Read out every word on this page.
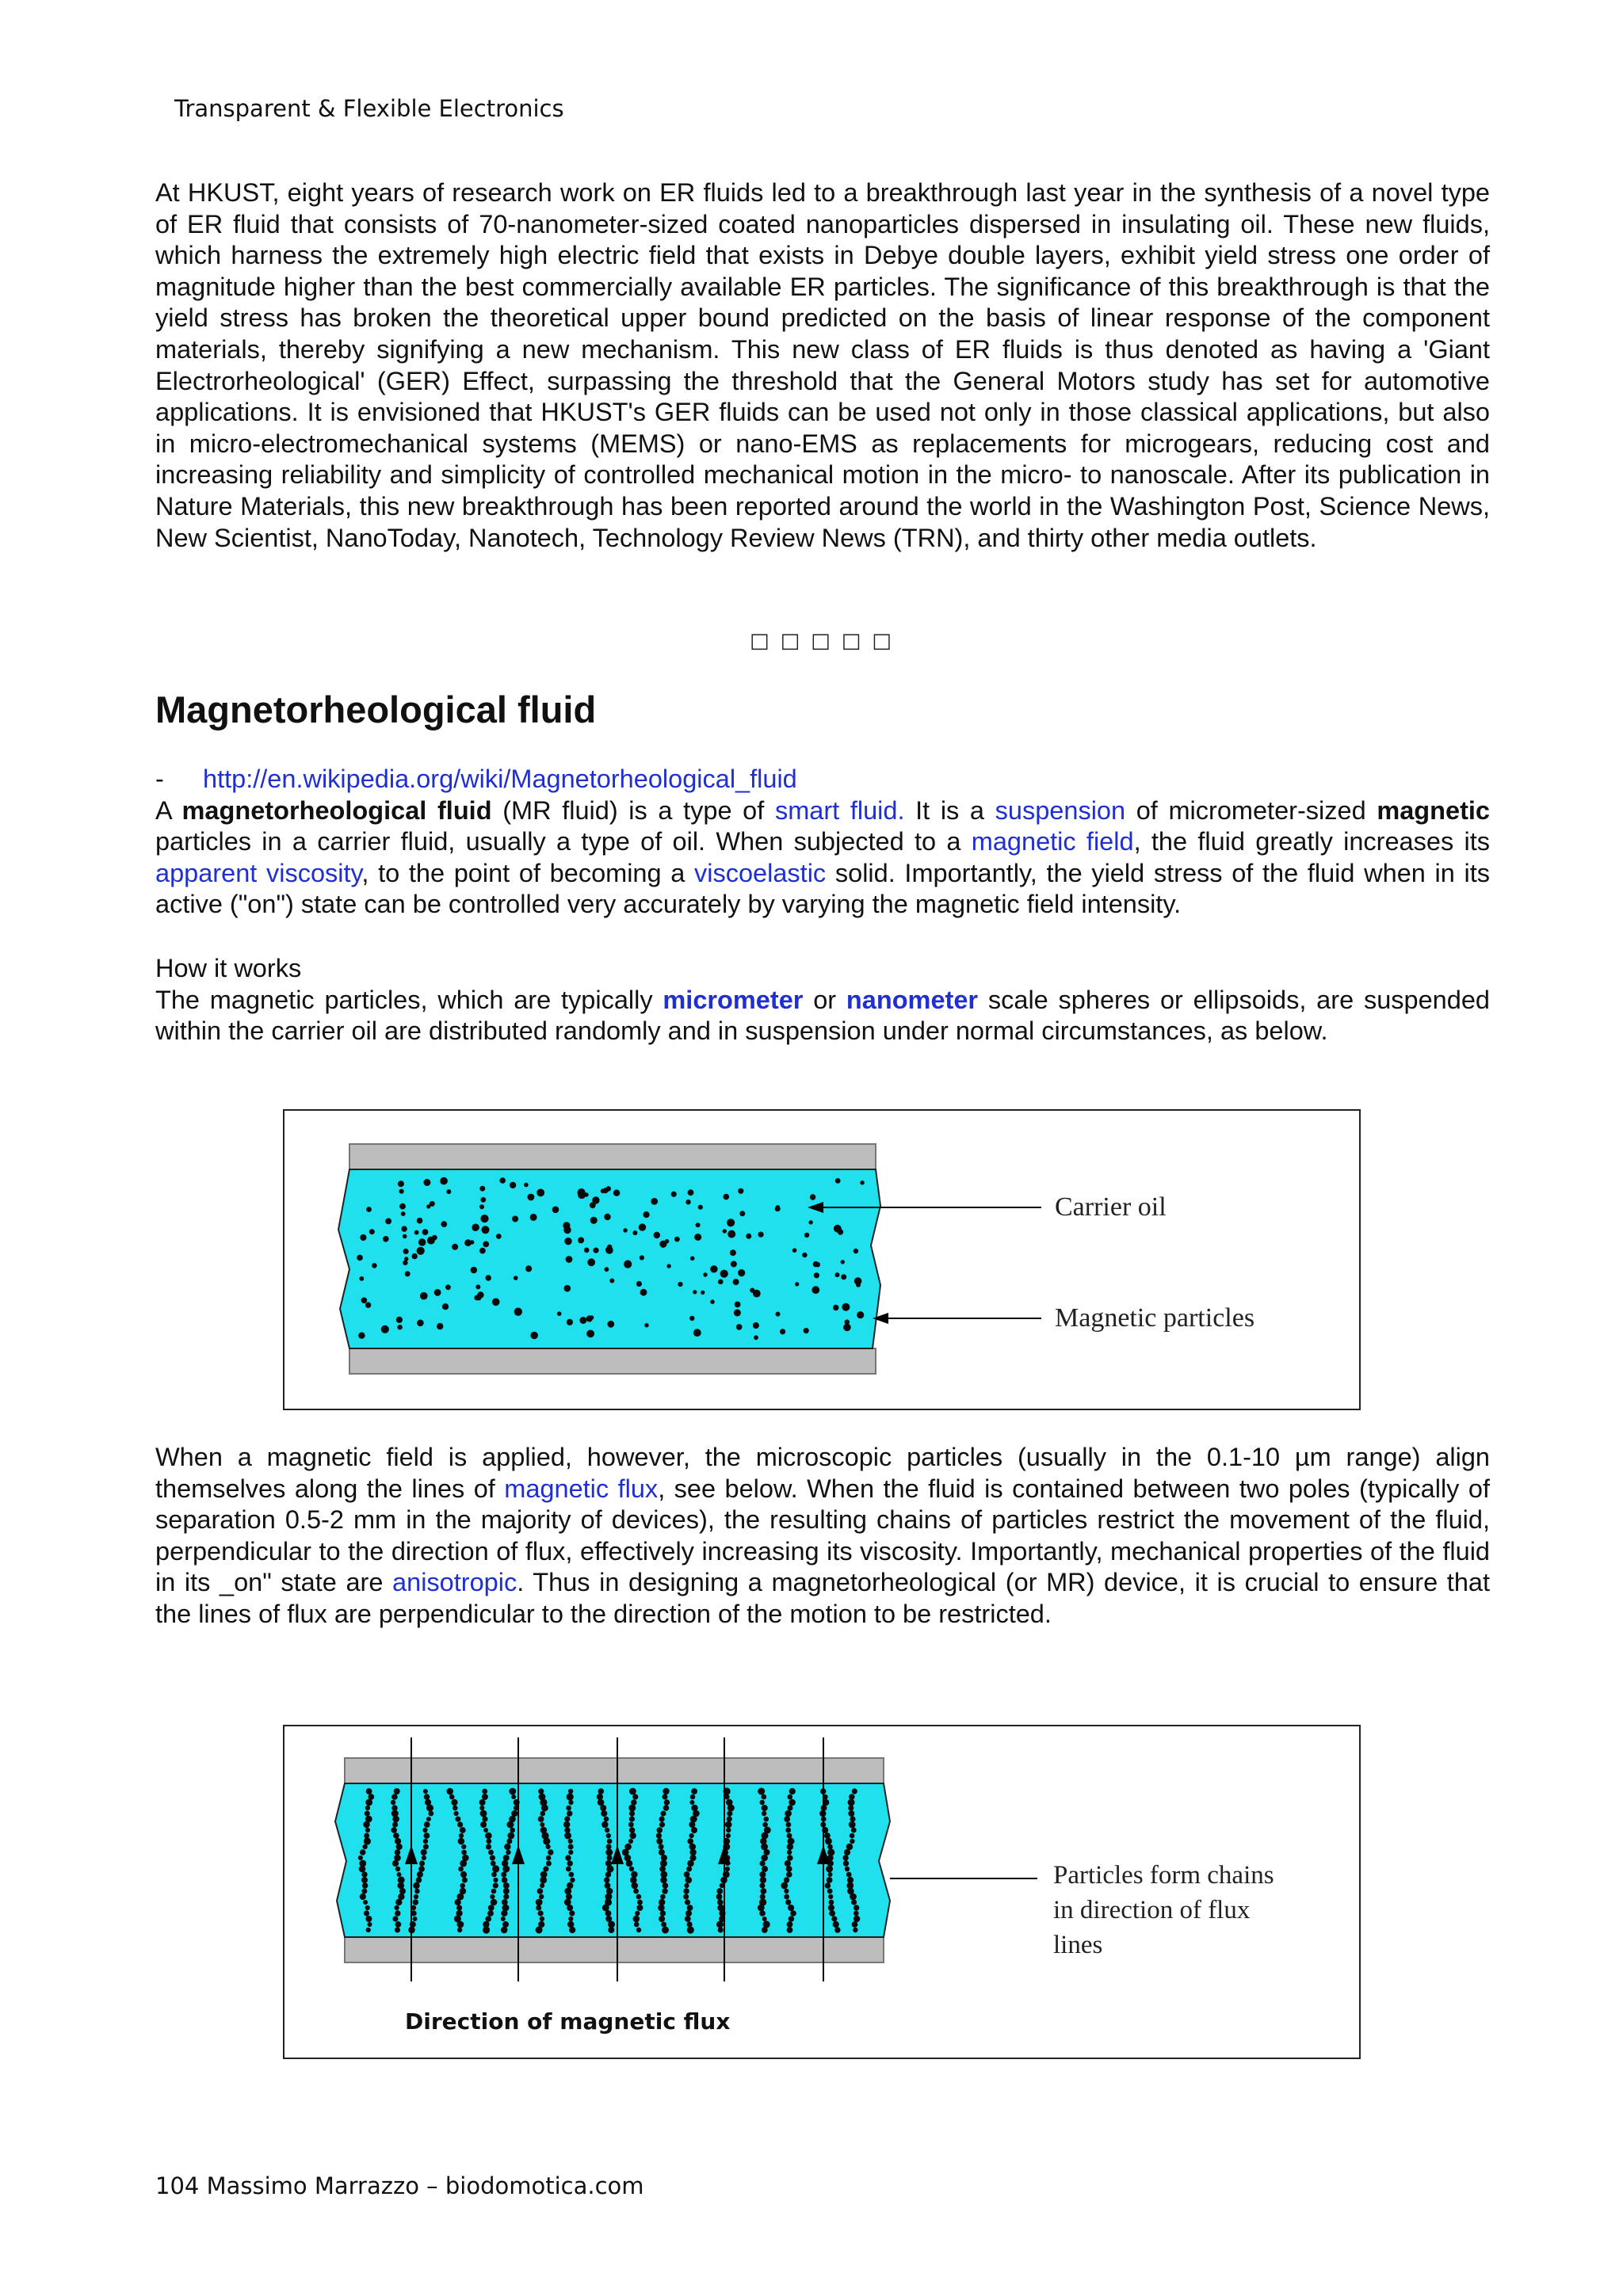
Transparent & Flexible Electronics
At HKUST, eight years of research work on ER fluids led to a breakthrough last year in the synthesis of a novel type of ER fluid that consists of 70-nanometer-sized coated nanoparticles dispersed in insulating oil. These new fluids, which harness the extremely high electric field that exists in Debye double layers, exhibit yield stress one order of magnitude higher than the best commercially available ER particles. The significance of this breakthrough is that the yield stress has broken the theoretical upper bound predicted on the basis of linear response of the component materials, thereby signifying a new mechanism. This new class of ER fluids is thus denoted as having a 'Giant Electrorheological' (GER) Effect, surpassing the threshold that the General Motors study has set for automotive applications. It is envisioned that HKUST's GER fluids can be used not only in those classical applications, but also in micro-electromechanical systems (MEMS) or nano-EMS as replacements for microgears, reducing cost and increasing reliability and simplicity of controlled mechanical motion in the micro- to nanoscale. After its publication in Nature Materials, this new breakthrough has been reported around the world in the Washington Post, Science News, New Scientist, NanoToday, Nanotech, Technology Review News (TRN), and thirty other media outlets.
□□□□□
Magnetorheological fluid

- http://en.wikipedia.org/wiki/Magnetorheological_fluid

A magnetorheological fluid (MR fluid) is a type of smart fluid. It is a suspension of micrometer-sized magnetic particles in a carrier fluid, usually a type of oil. When subjected to a magnetic field, the fluid greatly increases its apparent viscosity, to the point of becoming a viscoelastic solid. Importantly, the yield stress of the fluid when in its active ("on") state can be controlled very accurately by varying the magnetic field intensity.

How it works

The magnetic particles, which are typically micrometer or nanometer scale spheres or ellipsoids, are suspended within the carrier oil are distributed randomly and in suspension under normal circumstances, as below.

Carrier oil
Magnetic particles
When a magnetic field is applied, however, the microscopic particles (usually in the 0.1-10 µm range) align themselves along the lines of magnetic flux, see below. When the fluid is contained between two poles (typically of separation 0.5-2 mm in the majority of devices), the resulting chains of particles restrict the movement of the fluid, perpendicular to the direction of flux, effectively increasing its viscosity. Importantly, mechanical properties of the fluid in its _on" state are anisotropic. Thus in designing a magnetorheological (or MR) device, it is crucial to ensure that the lines of flux are perpendicular to the direction of the motion to be restricted.
Particles form chains
in direction of flux
lines
Direction of magnetic flux
104 Massimo Marrazzo – biodomotica.com
